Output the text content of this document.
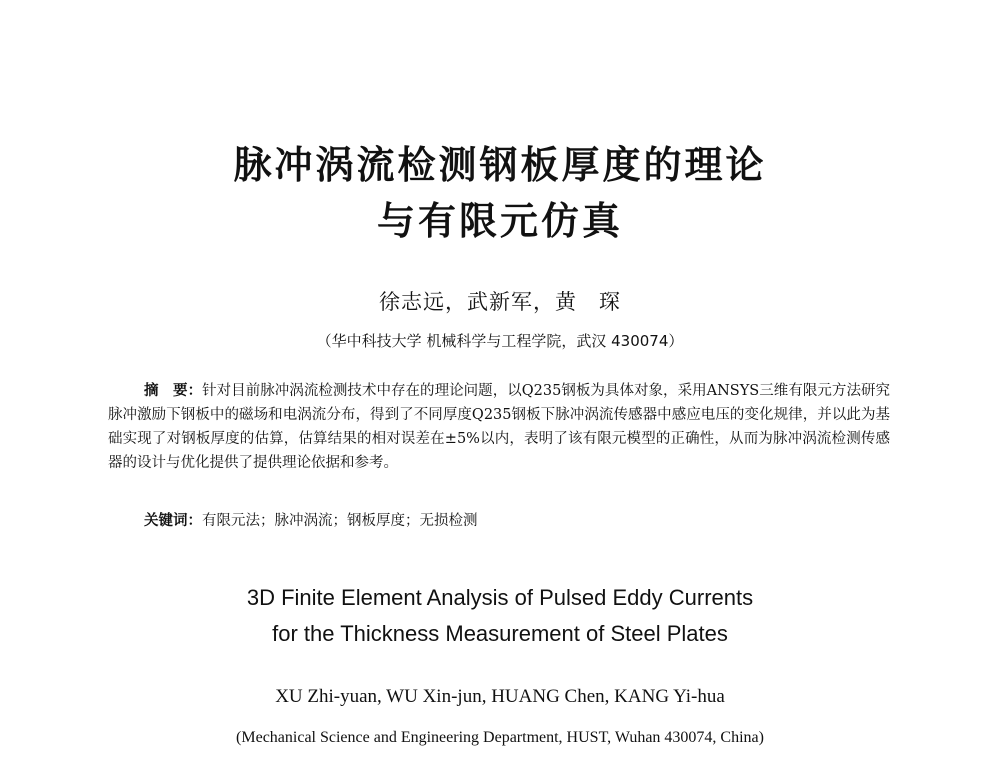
脉冲涡流检测钢板厚度的理论
与有限元仿真
徐志远，武新军，黄　琛
（华中科技大学 机械科学与工程学院，武汉 430074）
摘　要：针对目前脉冲涡流检测技术中存在的理论问题，以Q235钢板为具体对象，采用ANSYS三维有限元方法研究脉冲激励下钢板中的磁场和电涡流分布，得到了不同厚度Q235钢板下脉冲涡流传感器中感应电压的变化规律，并以此为基础实现了对钢板厚度的估算，估算结果的相对误差在±5%以内，表明了该有限元模型的正确性，从而为脉冲涡流检测传感器的设计与优化提供了提供理论依据和参考。
关键词：有限元法；脉冲涡流；钢板厚度；无损检测
3D Finite Element Analysis of Pulsed Eddy Currents
for the Thickness Measurement of Steel Plates
XU Zhi-yuan, WU Xin-jun, HUANG Chen, KANG Yi-hua
(Mechanical Science and Engineering Department, HUST, Wuhan 430074, China)
